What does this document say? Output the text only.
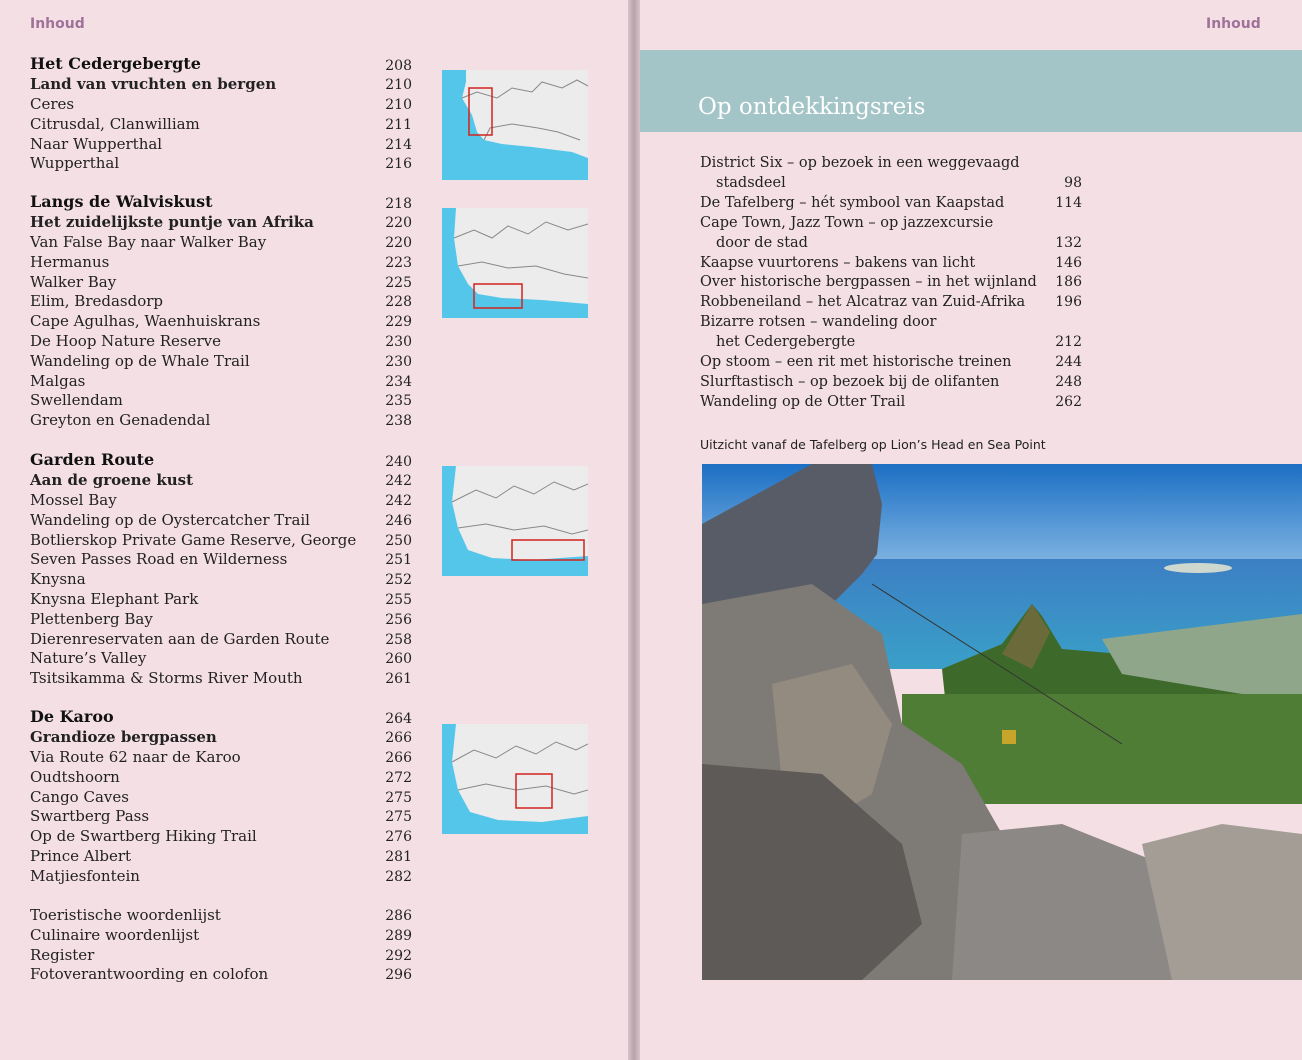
Inhoud
Het Cedergebergte	208
Land van vruchten en bergen	210
Ceres	210
Citrusdal, Clanwilliam	211
Naar Wupperthal	214
Wupperthal	216
Langs de Walviskust	218
Het zuidelijkste puntje van Afrika	220
Van False Bay naar Walker Bay	220
Hermanus	223
Walker Bay	225
Elim, Bredasdorp	228
Cape Agulhas, Waenhuiskrans	229
De Hoop Nature Reserve	230
Wandeling op de Whale Trail	230
Malgas	234
Swellendam	235
Greyton en Genadendal	238
Garden Route	240
Aan de groene kust	242
Mossel Bay	242
Wandeling op de Oystercatcher Trail	246
Botlierskop Private Game Reserve, George	250
Seven Passes Road en Wilderness	251
Knysna	252
Knysna Elephant Park	255
Plettenberg Bay	256
Dierenreservaten aan de Garden Route	258
Nature’s Valley	260
Tsitsikamma & Storms River Mouth	261
De Karoo	264
Grandioze bergpassen	266
Via Route 62 naar de Karoo	266
Oudtshoorn	272
Cango Caves	275
Swartberg Pass	275
Op de Swartberg Hiking Trail	276
Prince Albert	281
Matjiesfontein	282
Toeristische woordenlijst	286
Culinaire woordenlijst	289
Register	292
Fotoverantwoording en colofon	296
Inhoud
Op ontdekkingsreis
District Six – op bezoek in een weggevaagd
stadsdeel	98
De Tafelberg – hét symbool van Kaapstad	114
Cape Town, Jazz Town – op jazzexcursie
door de stad	132
Kaapse vuurtorens – bakens van licht	146
Over historische bergpassen – in het wijnland	186
Robbeneiland – het Alcatraz van Zuid-Afrika	196
Bizarre rotsen – wandeling door
het Cedergebergte	212
Op stoom – een rit met historische treinen	244
Slurftastisch – op bezoek bij de olifanten	248
Wandeling op de Otter Trail	262
Uitzicht vanaf de Tafelberg op Lion’s Head en Sea Point
